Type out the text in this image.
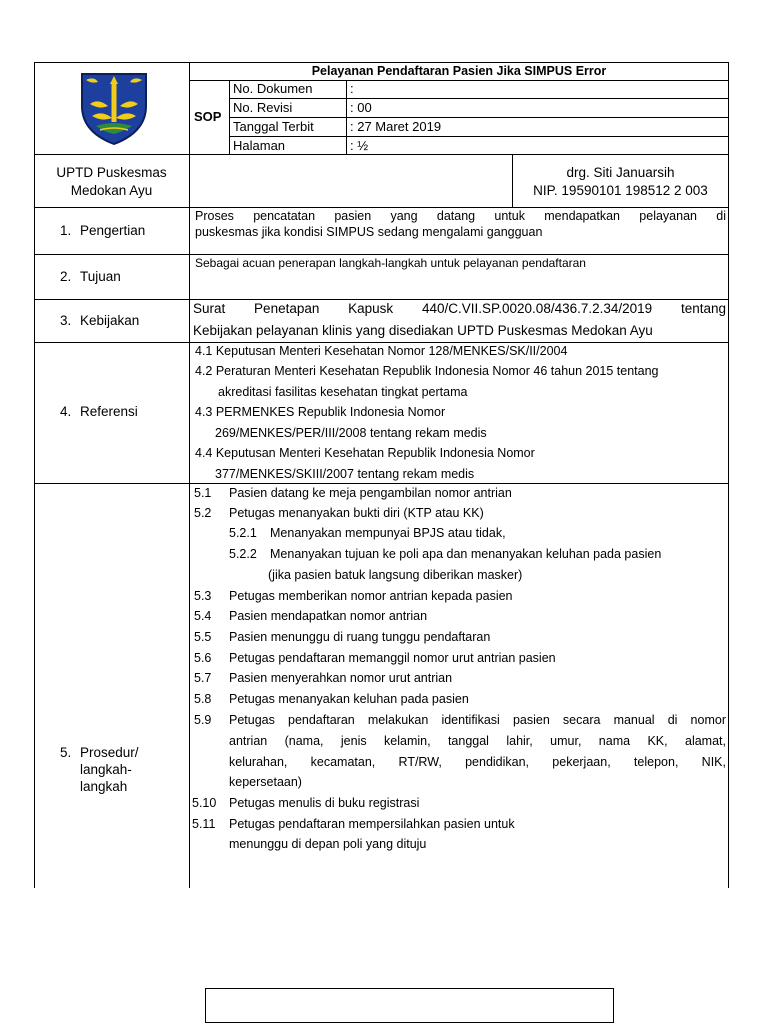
Pelayanan Pendaftaran Pasien Jika SIMPUS Error
SOP
No. Dokumen	:
No. Revisi	: 00
Tanggal Terbit	: 27 Maret 2019
Halaman	: ½
UPTD Puskesmas
Medokan Ayu
drg. Siti Januarsih
NIP. 19590101 198512 2 003
1. Pengertian
Proses pencatatan pasien yang datang untuk mendapatkan pelayanan di
puskesmas jika kondisi SIMPUS sedang mengalami gangguan
2. Tujuan
Sebagai acuan penerapan langkah-langkah untuk pelayanan pendaftaran
3. Kebijakan
Surat Penetapan Kapusk 440/C.VII.SP.0020.08/436.7.2.34/2019 tentang
Kebijakan pelayanan klinis yang disediakan UPTD Puskesmas Medokan Ayu
4. Referensi
4.1 Keputusan Menteri Kesehatan Nomor 128/MENKES/SK/II/2004
4.2 Peraturan Menteri Kesehatan Republik Indonesia Nomor 46 tahun 2015 tentang
akreditasi fasilitas kesehatan tingkat pertama
4.3 PERMENKES Republik Indonesia Nomor
269/MENKES/PER/III/2008 tentang rekam medis
4.4 Keputusan Menteri Kesehatan Republik Indonesia Nomor
377/MENKES/SKIII/2007 tentang rekam medis
5. Prosedur/
langkah-
langkah
5.1 Pasien datang ke meja pengambilan nomor antrian
5.2 Petugas menanyakan bukti diri (KTP atau KK)
5.2.1 Menanyakan mempunyai BPJS atau tidak,
5.2.2 Menanyakan tujuan ke poli apa dan menanyakan keluhan pada pasien
(jika pasien batuk langsung diberikan masker)
5.3 Petugas memberikan nomor antrian kepada pasien
5.4 Pasien mendapatkan nomor antrian
5.5 Pasien menunggu di ruang tunggu pendaftaran
5.6 Petugas pendaftaran memanggil nomor urut antrian pasien
5.7 Pasien menyerahkan nomor urut antrian
5.8 Petugas menanyakan keluhan pada pasien
5.9 Petugas pendaftaran melakukan identifikasi pasien secara manual di nomor
antrian (nama, jenis kelamin, tanggal lahir, umur, nama KK, alamat,
kelurahan, kecamatan, RT/RW, pendidikan, pekerjaan, telepon, NIK,
kepersetaan)
5.10 Petugas menulis di buku registrasi
5.11 Petugas pendaftaran mempersilahkan pasien untuk
menunggu di depan poli yang dituju
